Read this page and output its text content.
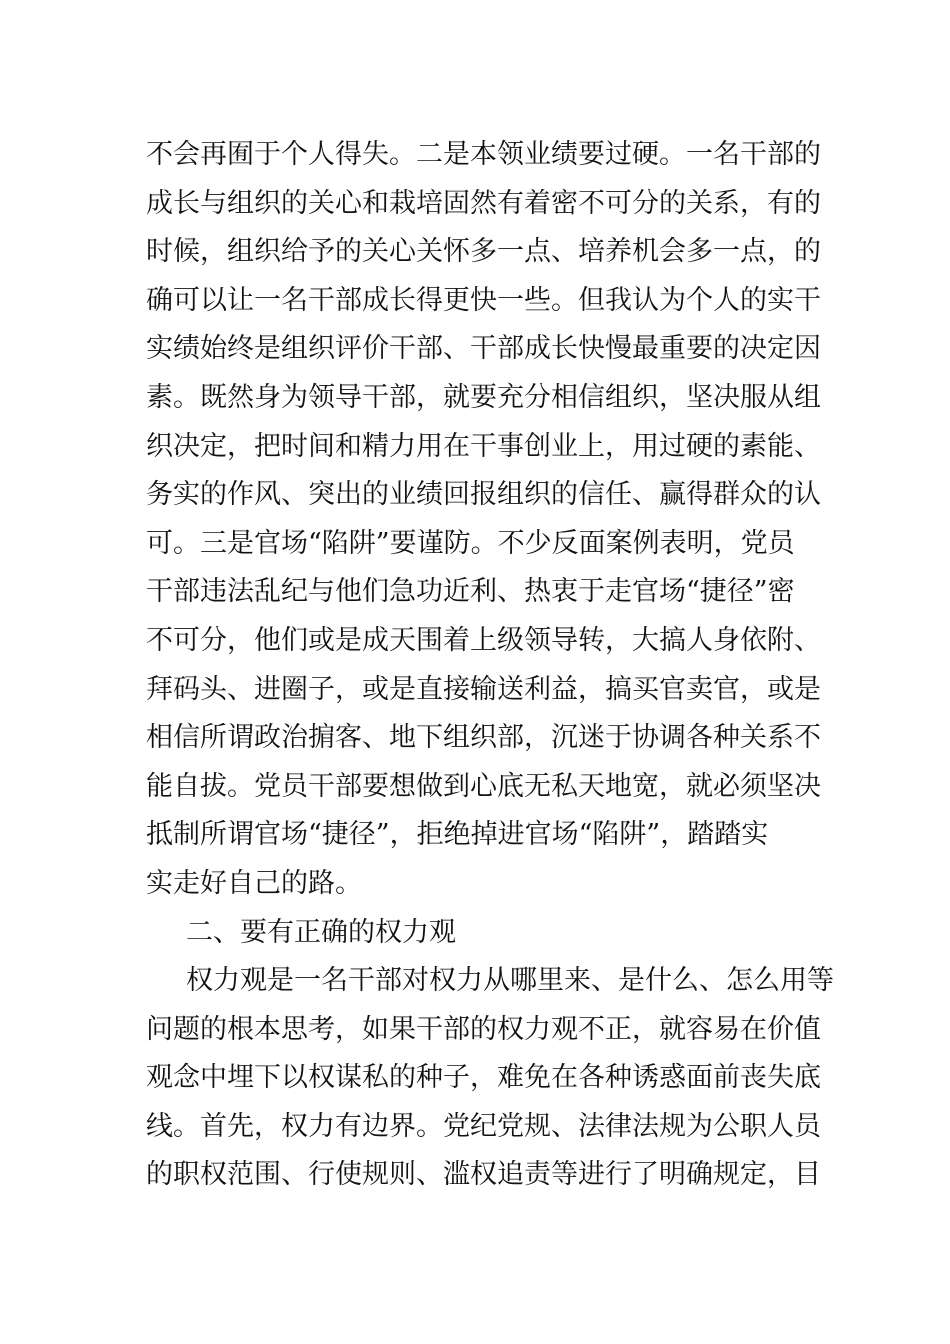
不会再囿于个人得失。二是本领业绩要过硬。一名干部的
成长与组织的关心和栽培固然有着密不可分的关系，有的
时候，组织给予的关心关怀多一点、培养机会多一点，的
确可以让一名干部成长得更快一些。但我认为个人的实干
实绩始终是组织评价干部、干部成长快慢最重要的决定因
素。既然身为领导干部，就要充分相信组织，坚决服从组
织决定，把时间和精力用在干事创业上，用过硬的素能、
务实的作风、突出的业绩回报组织的信任、赢得群众的认
可。三是官场“陷阱”要谨防。不少反面案例表明，党员
干部违法乱纪与他们急功近利、热衷于走官场“捷径”密
不可分，他们或是成天围着上级领导转，大搞人身依附、
拜码头、进圈子，或是直接输送利益，搞买官卖官，或是
相信所谓政治掮客、地下组织部，沉迷于协调各种关系不
能自拔。党员干部要想做到心底无私天地宽，就必须坚决
抵制所谓官场“捷径”，拒绝掉进官场“陷阱”，踏踏实
实走好自己的路。
二、要有正确的权力观
权力观是一名干部对权力从哪里来、是什么、怎么用等
问题的根本思考，如果干部的权力观不正，就容易在价值
观念中埋下以权谋私的种子，难免在各种诱惑面前丧失底
线。首先，权力有边界。党纪党规、法律法规为公职人员
的职权范围、行使规则、滥权追责等进行了明确规定，目
